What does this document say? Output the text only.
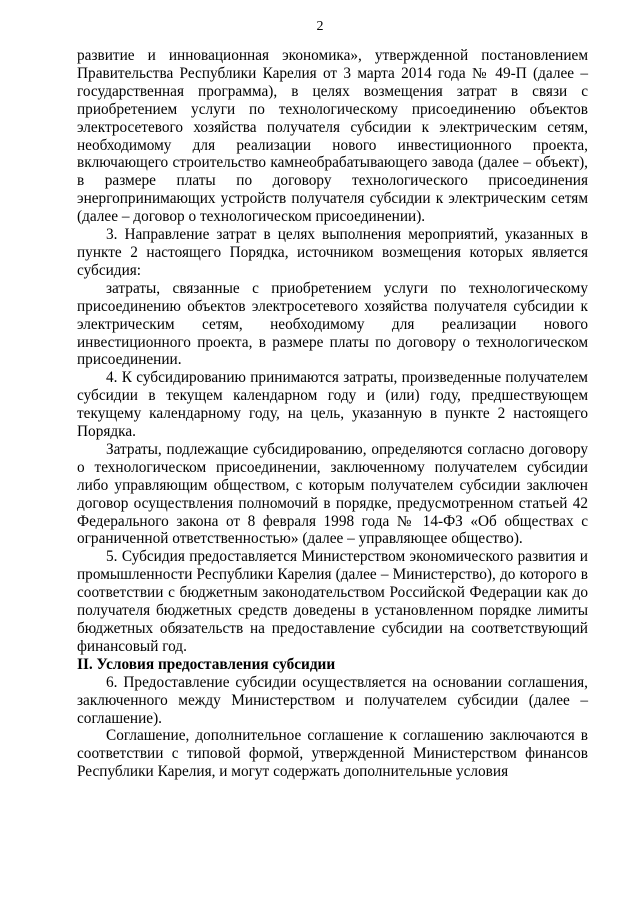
2

развитие и инновационная экономика», утвержденной постановлением Правительства Республики Карелия от 3 марта 2014 года № 49-П (далее – государственная программа), в целях возмещения затрат в связи с приобретением услуги по технологическому присоединению объектов электросетевого хозяйства получателя субсидии к электрическим сетям, необходимому для реализации нового инвестиционного проекта, включающего строительство камнеобрабатывающего завода (далее – объект), в размере платы по договору технологического присоединения энергопринимающих устройств получателя субсидии к электрическим сетям (далее – договор о технологическом присоединении).

3. Направление затрат в целях выполнения мероприятий, указанных в пункте 2 настоящего Порядка, источником возмещения которых является субсидия:

затраты, связанные с приобретением услуги по технологическому присоединению объектов электросетевого хозяйства получателя субсидии к электрическим сетям, необходимому для реализации нового инвестиционного проекта, в размере платы по договору о технологическом присоединении.

4. К субсидированию принимаются затраты, произведенные получателем субсидии в текущем календарном году и (или) году, предшествующем текущему календарному году, на цель, указанную в пункте 2 настоящего Порядка.

Затраты, подлежащие субсидированию, определяются согласно договору о технологическом присоединении, заключенному получателем субсидии либо управляющим обществом, с которым получателем субсидии заключен договор осуществления полномочий в порядке, предусмотренном статьей 42 Федерального закона от 8 февраля 1998 года № 14-ФЗ «Об обществах с ограниченной ответственностью» (далее – управляющее общество).

5. Субсидия предоставляется Министерством экономического развития и промышленности Республики Карелия (далее – Министерство), до которого в соответствии с бюджетным законодательством Российской Федерации как до получателя бюджетных средств доведены в установленном порядке лимиты бюджетных обязательств на предоставление субсидии на соответствующий финансовый год.

II. Условия предоставления субсидии

6. Предоставление субсидии осуществляется на основании соглашения, заключенного между Министерством и получателем субсидии (далее – соглашение).

Соглашение, дополнительное соглашение к соглашению заключаются в соответствии с типовой формой, утвержденной Министерством финансов Республики Карелия, и могут содержать дополнительные условия
